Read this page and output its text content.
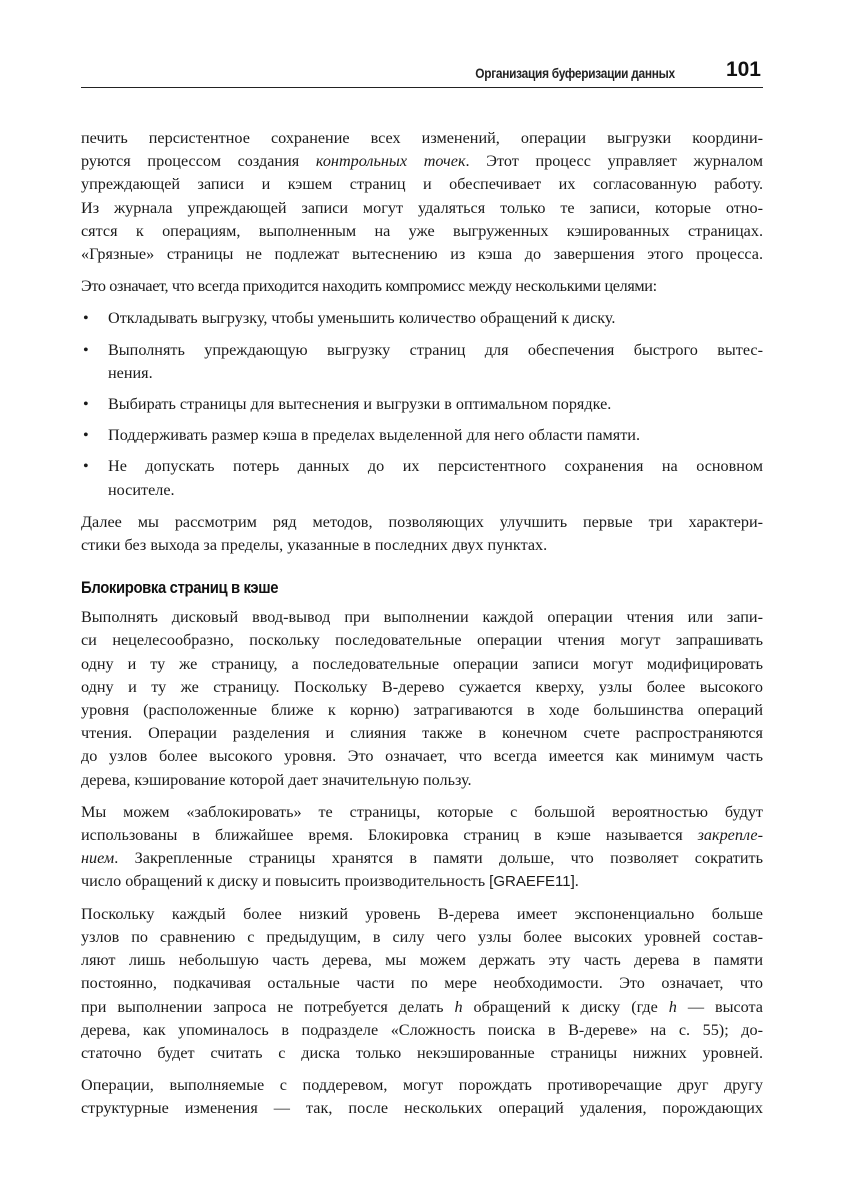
Организация буферизации данных 101

печить персистентное сохранение всех изменений, операции выгрузки координи-
руются процессом создания контрольных точек. Этот процесс управляет журналом
упреждающей записи и кэшем страниц и обеспечивает их согласованную работу.
Из журнала упреждающей записи могут удаляться только те записи, которые отно-
сятся к операциям, выполненным на уже выгруженных кэшированных страницах.
«Грязные» страницы не подлежат вытеснению из кэша до завершения этого процесса.

Это означает, что всегда приходится находить компромисс между несколькими целями:

• Откладывать выгрузку, чтобы уменьшить количество обращений к диску.
• Выполнять упреждающую выгрузку страниц для обеспечения быстрого вытес-
нения.
• Выбирать страницы для вытеснения и выгрузки в оптимальном порядке.
• Поддерживать размер кэша в пределах выделенной для него области памяти.
• Не допускать потерь данных до их персистентного сохранения на основном
носителе.

Далее мы рассмотрим ряд методов, позволяющих улучшить первые три характери-
стики без выхода за пределы, указанные в последних двух пунктах.

Блокировка страниц в кэше

Выполнять дисковый ввод-вывод при выполнении каждой операции чтения или запи-
си нецелесообразно, поскольку последовательные операции чтения могут запрашивать
одну и ту же страницу, а последовательные операции записи могут модифицировать
одну и ту же страницу. Поскольку B-дерево сужается кверху, узлы более высокого
уровня (расположенные ближе к корню) затрагиваются в ходе большинства операций
чтения. Операции разделения и слияния также в конечном счете распространяются
до узлов более высокого уровня. Это означает, что всегда имеется как минимум часть
дерева, кэширование которой дает значительную пользу.

Мы можем «заблокировать» те страницы, которые с большой вероятностью будут
использованы в ближайшее время. Блокировка страниц в кэше называется закрепле-
нием. Закрепленные страницы хранятся в памяти дольше, что позволяет сократить
число обращений к диску и повысить производительность [GRAEFE11].

Поскольку каждый более низкий уровень B-дерева имеет экспоненциально больше
узлов по сравнению с предыдущим, в силу чего узлы более высоких уровней состав-
ляют лишь небольшую часть дерева, мы можем держать эту часть дерева в памяти
постоянно, подкачивая остальные части по мере необходимости. Это означает, что
при выполнении запроса не потребуется делать h обращений к диску (где h — высота
дерева, как упоминалось в подразделе «Сложность поиска в B-дереве» на с. 55); до-
статочно будет считать с диска только некэшированные страницы нижних уровней.

Операции, выполняемые с поддеревом, могут порождать противоречащие друг другу
структурные изменения — так, после нескольких операций удаления, порождающих
